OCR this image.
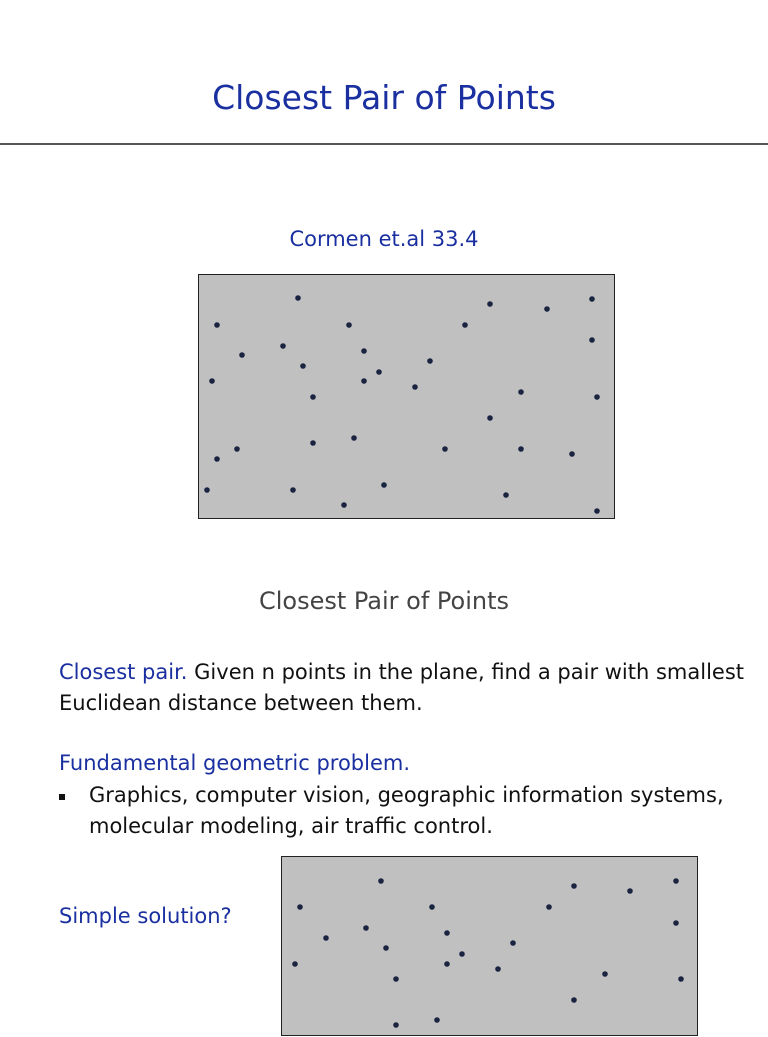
Closest Pair of Points
Cormen et.al 33.4
Closest Pair of Points
Closest pair. Given n points in the plane, find a pair with smallest Euclidean distance between them.
Fundamental geometric problem.
Graphics, computer vision, geographic information systems, molecular modeling, air traffic control.
Simple solution?
